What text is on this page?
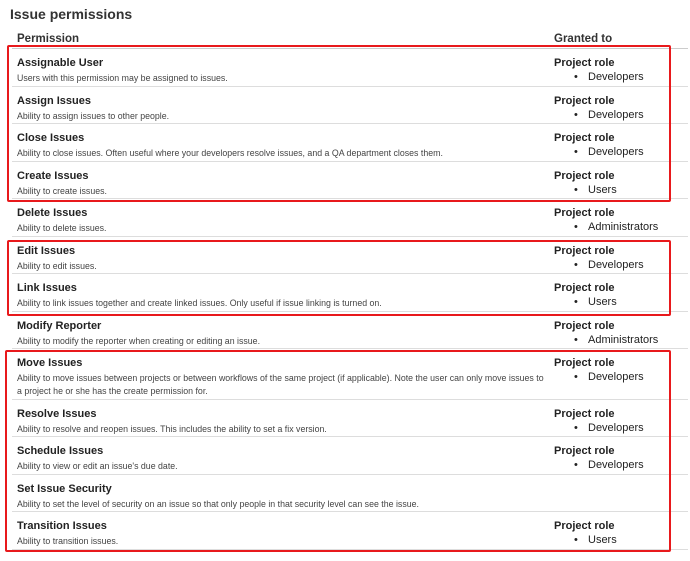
Issue permissions
Permission	Granted to
Assignable User
Users with this permission may be assigned to issues.
Project role
• Developers
Assign Issues
Ability to assign issues to other people.
Project role
• Developers
Close Issues
Ability to close issues. Often useful where your developers resolve issues, and a QA department closes them.
Project role
• Developers
Create Issues
Ability to create issues.
Project role
• Users
Delete Issues
Ability to delete issues.
Project role
• Administrators
Edit Issues
Ability to edit issues.
Project role
• Developers
Link Issues
Ability to link issues together and create linked issues. Only useful if issue linking is turned on.
Project role
• Users
Modify Reporter
Ability to modify the reporter when creating or editing an issue.
Project role
• Administrators
Move Issues
Ability to move issues between projects or between workflows of the same project (if applicable). Note the user can only move issues to a project he or she has the create permission for.
Project role
• Developers
Resolve Issues
Ability to resolve and reopen issues. This includes the ability to set a fix version.
Project role
• Developers
Schedule Issues
Ability to view or edit an issue's due date.
Project role
• Developers
Set Issue Security
Ability to set the level of security on an issue so that only people in that security level can see the issue.
Transition Issues
Ability to transition issues.
Project role
• Users
